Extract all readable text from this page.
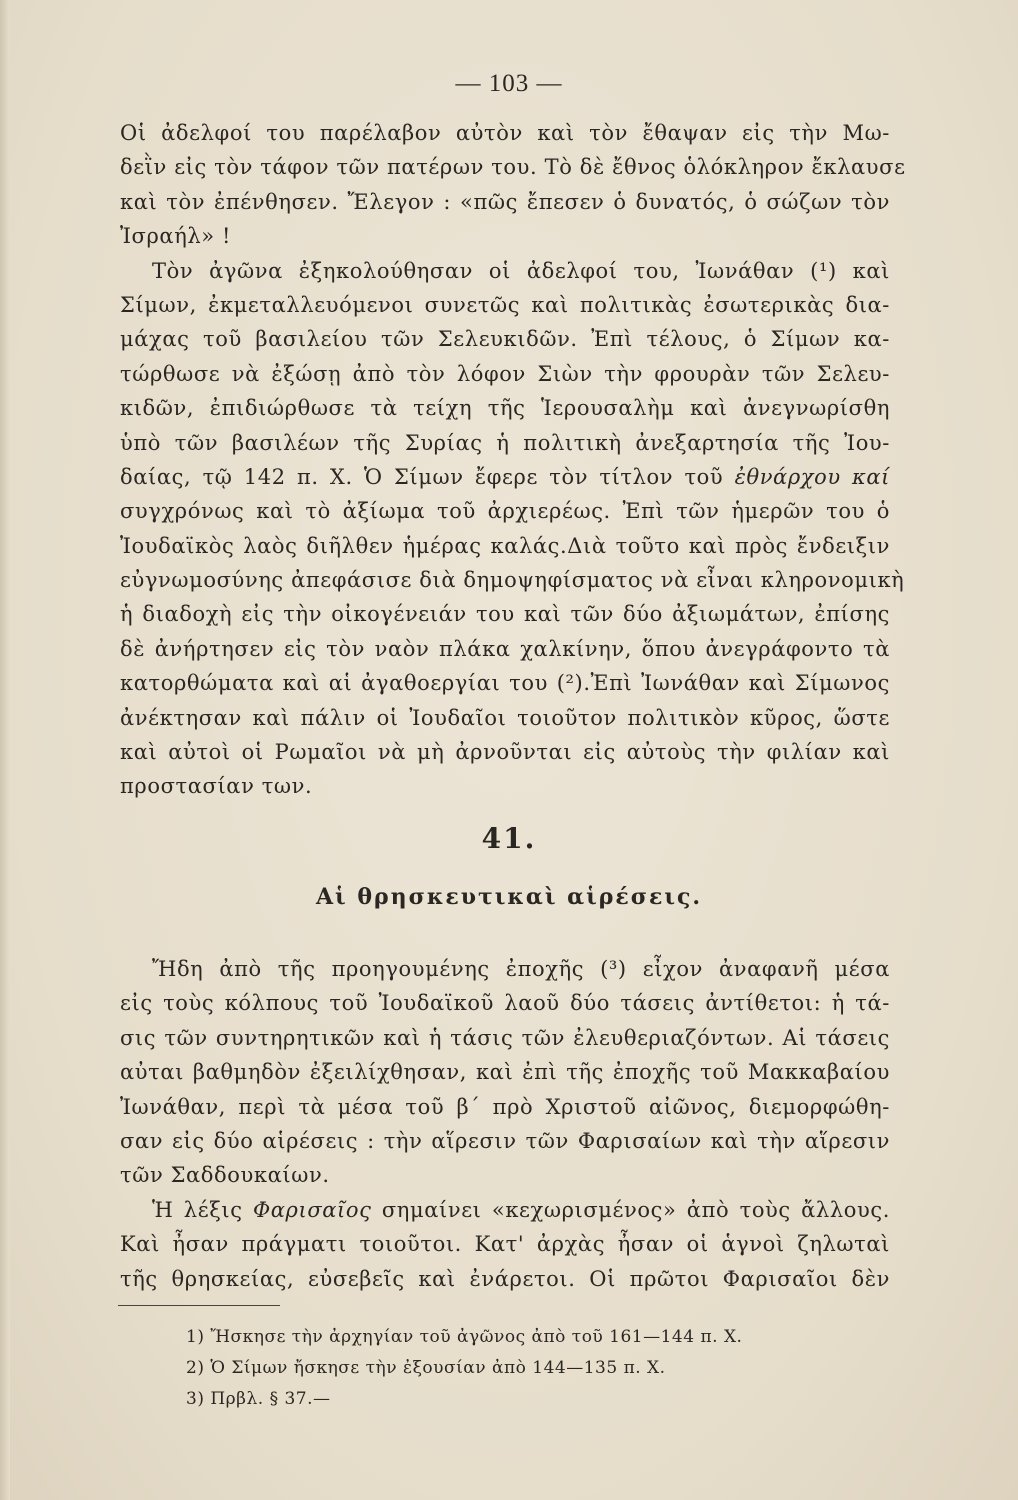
— 103 —
Οἱ ἀδελφοί του παρέλαβον αὐτὸν καὶ τὸν ἔθαψαν εἰς τὴν Μω-
δεῒν εἰς τὸν τάφον τῶν πατέρων του. Τὸ δὲ ἔθνος ὁλόκληρον ἔκλαυσε
καὶ τὸν ἐπένθησεν. Ἔλεγον : «πῶς ἔπεσεν ὁ δυνατός, ὁ σώζων τὸν
Ἰσραήλ» !
Τὸν ἀγῶνα ἐξηκολούθησαν οἱ ἀδελφοί του, Ἰωνάθαν (¹) καὶ
Σίμων, ἐκμεταλλευόμενοι συνετῶς καὶ πολιτικὰς ἐσωτερικὰς δια-
μάχας τοῦ βασιλείου τῶν Σελευκιδῶν. Ἐπὶ τέλους, ὁ Σίμων κα-
τώρθωσε νὰ ἐξώσῃ ἀπὸ τὸν λόφον Σιὼν τὴν φρουρὰν τῶν Σελευ-
κιδῶν, ἐπιδιώρθωσε τὰ τείχη τῆς Ἱερουσαλὴμ καὶ ἀνεγνωρίσθη
ὑπὸ τῶν βασιλέων τῆς Συρίας ἡ πολιτικὴ ἀνεξαρτησία τῆς Ἰου-
δαίας, τῷ 142 π. Χ. Ὁ Σίμων ἔφερε τὸν τίτλον τοῦ ἐθνάρχου καί
συγχρόνως καὶ τὸ ἀξίωμα τοῦ ἀρχιερέως. Ἐπὶ τῶν ἡμερῶν του ὁ
Ἰουδαϊκὸς λαὸς διῆλθεν ἡμέρας καλάς.Διὰ τοῦτο καὶ πρὸς ἔνδειξιν
εὐγνωμοσύνης ἀπεφάσισε διὰ δημοψηφίσματος νὰ εἶναι κληρονομικὴ
ἡ διαδοχὴ εἰς τὴν οἰκογένειάν του καὶ τῶν δύο ἀξιωμάτων, ἐπίσης
δὲ ἀνήρτησεν εἰς τὸν ναὸν πλάκα χαλκίνην, ὅπου ἀνεγράφοντο τὰ
κατορθώματα καὶ αἱ ἀγαθοεργίαι του (²).Ἐπὶ Ἰωνάθαν καὶ Σίμωνος
ἀνέκτησαν καὶ πάλιν οἱ Ἰουδαῖοι τοιοῦτον πολιτικὸν κῦρος, ὥστε
καὶ αὐτοὶ οἱ Ρωμαῖοι νὰ μὴ ἀρνοῦνται εἰς αὐτοὺς τὴν φιλίαν καὶ
προστασίαν των.
41.
Αἱ θρησκευτικαὶ αἱρέσεις.
Ἤδη ἀπὸ τῆς προηγουμένης ἐποχῆς (³) εἶχον ἀναφανῆ μέσα
εἰς τοὺς κόλπους τοῦ Ἰουδαϊκοῦ λαοῦ δύο τάσεις ἀντίθετοι: ἡ τά-
σις τῶν συντηρητικῶν καὶ ἡ τάσις τῶν ἐλευθεριαζόντων. Αἱ τάσεις
αὐται βαθμηδὸν ἐξειλίχθησαν, καὶ ἐπὶ τῆς ἐποχῆς τοῦ Μακκαβαίου
Ἰωνάθαν, περὶ τὰ μέσα τοῦ β΄ πρὸ Χριστοῦ αἰῶνος, διεμορφώθη-
σαν εἰς δύο αἱρέσεις : τὴν αἵρεσιν τῶν Φαρισαίων καὶ τὴν αἵρεσιν
τῶν Σαδδουκαίων.
Ἡ λέξις Φαρισαῖος σημαίνει «κεχωρισμένος» ἀπὸ τοὺς ἄλλους.
Καὶ ἦσαν πράγματι τοιοῦτοι. Κατ' ἀρχὰς ἦσαν οἱ ἁγνοὶ ζηλωταὶ
τῆς θρησκείας, εὐσεβεῖς καὶ ἐνάρετοι. Οἱ πρῶτοι Φαρισαῖοι δὲν
1) Ἤσκησε τὴν ἀρχηγίαν τοῦ ἀγῶνος ἀπὸ τοῦ 161—144 π. Χ.
2) Ὁ Σίμων ἤσκησε τὴν ἐξουσίαν ἀπὸ 144—135 π. Χ.
3) Πρβλ. § 37.—
